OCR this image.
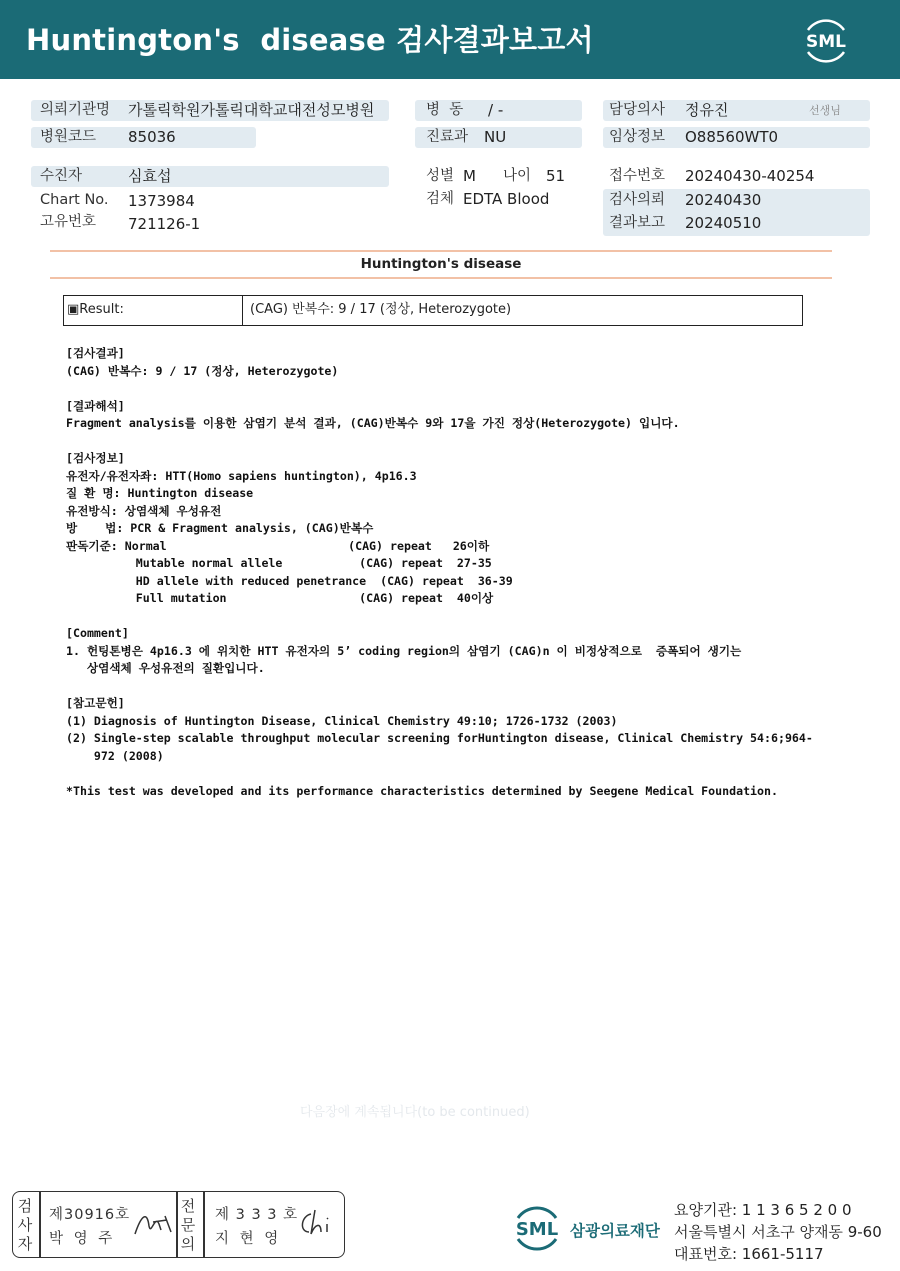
Huntington's  disease 검사결과보고서	SML
의뢰기관명 가톨릭학원가톨릭대학교대전성모병원
병원코드 85036
병  동 / -
진료과 NU
담당의사 정유진	선생님
임상정보 O88560WT0
수진자	심효섭
Chart No. 1373984
고유번호 721126-1
성별 M 나이 51
검체 EDTA Blood
접수번호 20240430-40254
검사의뢰 20240430
결과보고 20240510
Huntington's disease
▣Result:	(CAG) 반복수: 9 / 17 (정상, Heterozygote)
[검사결과]
(CAG) 반복수: 9 / 17 (정상, Heterozygote)
[결과해석]
Fragment analysis를 이용한 삼염기 분석 결과, (CAG)반복수 9와 17을 가진 정상(Heterozygote) 입니다.
[검사정보]
유전자/유전자좌: HTT(Homo sapiens huntington), 4p16.3
질 환 명: Huntington disease
유전방식: 상염색체 우성유전
방    법: PCR & Fragment analysis, (CAG)반복수
판독기준: Normal                          (CAG) repeat   26이하
Mutable normal allele           (CAG) repeat  27-35
HD allele with reduced penetrance  (CAG) repeat  36-39
Full mutation                   (CAG) repeat  40이상
[Comment]
1. 헌팅톤병은 4p16.3 에 위치한 HTT 유전자의 5’ coding region의 삼염기 (CAG)n 이 비정상적으로  증폭되어 생기는
상염색체 우성유전의 질환입니다.
[참고문헌]
(1) Diagnosis of Huntington Disease, Clinical Chemistry 49:10; 1726-1732 (2003)
(2) Single-step scalable throughput molecular screening forHuntington disease, Clinical Chemistry 54:6;964-
972 (2008)
*This test was developed and its performance characteristics determined by Seegene Medical Foundation.
다음장에 계속됩니다(to be continued)
검사자
제30916호
박 영 주
전문의
제 3 3 3 호
지 현 영	SML 삼광의료재단
요양기관: 1 1 3 6 5 2 0 0
서울특별시 서초구 양재동 9-60
대표번호: 1661-5117
